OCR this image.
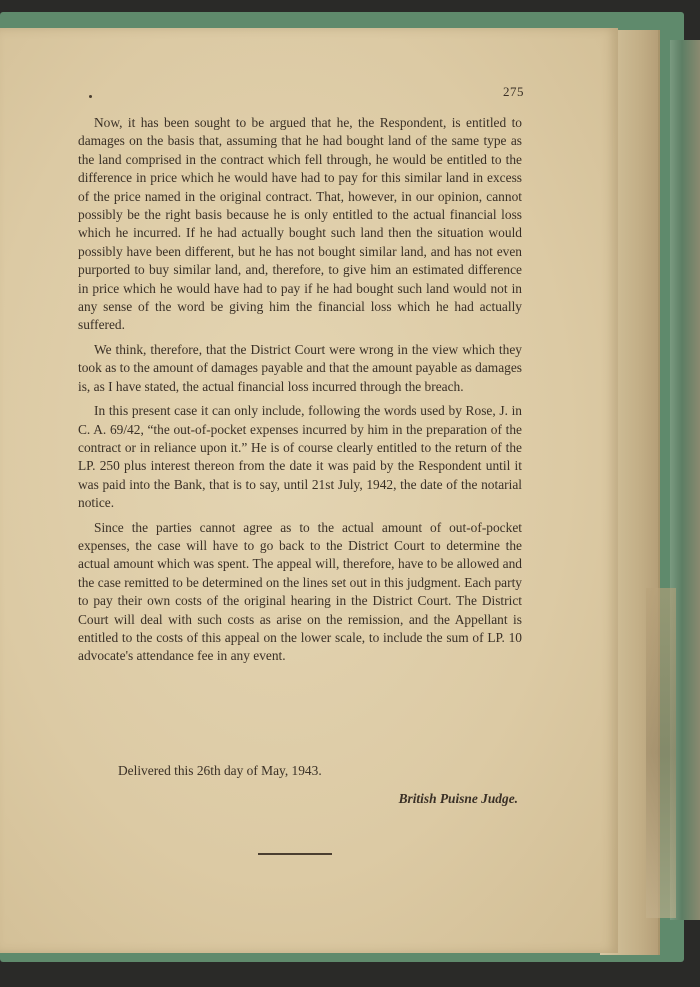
275

Now, it has been sought to be argued that he, the Respondent, is entitled to damages on the basis that, assuming that he had bought land of the same type as the land comprised in the contract which fell through, he would be entitled to the difference in price which he would have had to pay for this similar land in excess of the price named in the original contract. That, however, in our opinion, cannot possibly be the right basis because he is only entitled to the actual financial loss which he incurred. If he had actually bought such land then the situation would possibly have been different, but he has not bought similar land, and has not even purported to buy similar land, and, therefore, to give him an estimated difference in price which he would have had to pay if he had bought such land would not in any sense of the word be giving him the financial loss which he had actually suffered.

We think, therefore, that the District Court were wrong in the view which they took as to the amount of damages payable and that the amount payable as damages is, as I have stated, the actual financial loss incurred through the breach.

In this present case it can only include, following the words used by Rose, J. in C. A. 69/42, “the out-of-pocket expenses incurred by him in the preparation of the contract or in reliance upon it.” He is of course clearly entitled to the return of the LP. 250 plus interest thereon from the date it was paid by the Respondent until it was paid into the Bank, that is to say, until 21st July, 1942, the date of the notarial notice.

Since the parties cannot agree as to the actual amount of out-of-pocket expenses, the case will have to go back to the District Court to determine the actual amount which was spent. The appeal will, therefore, have to be allowed and the case remitted to be determined on the lines set out in this judgment. Each party to pay their own costs of the original hearing in the District Court. The District Court will deal with such costs as arise on the remission, and the Appellant is entitled to the costs of this appeal on the lower scale, to include the sum of LP. 10 advocate's attendance fee in any event.

Delivered this 26th day of May, 1943.
British Puisne Judge.
